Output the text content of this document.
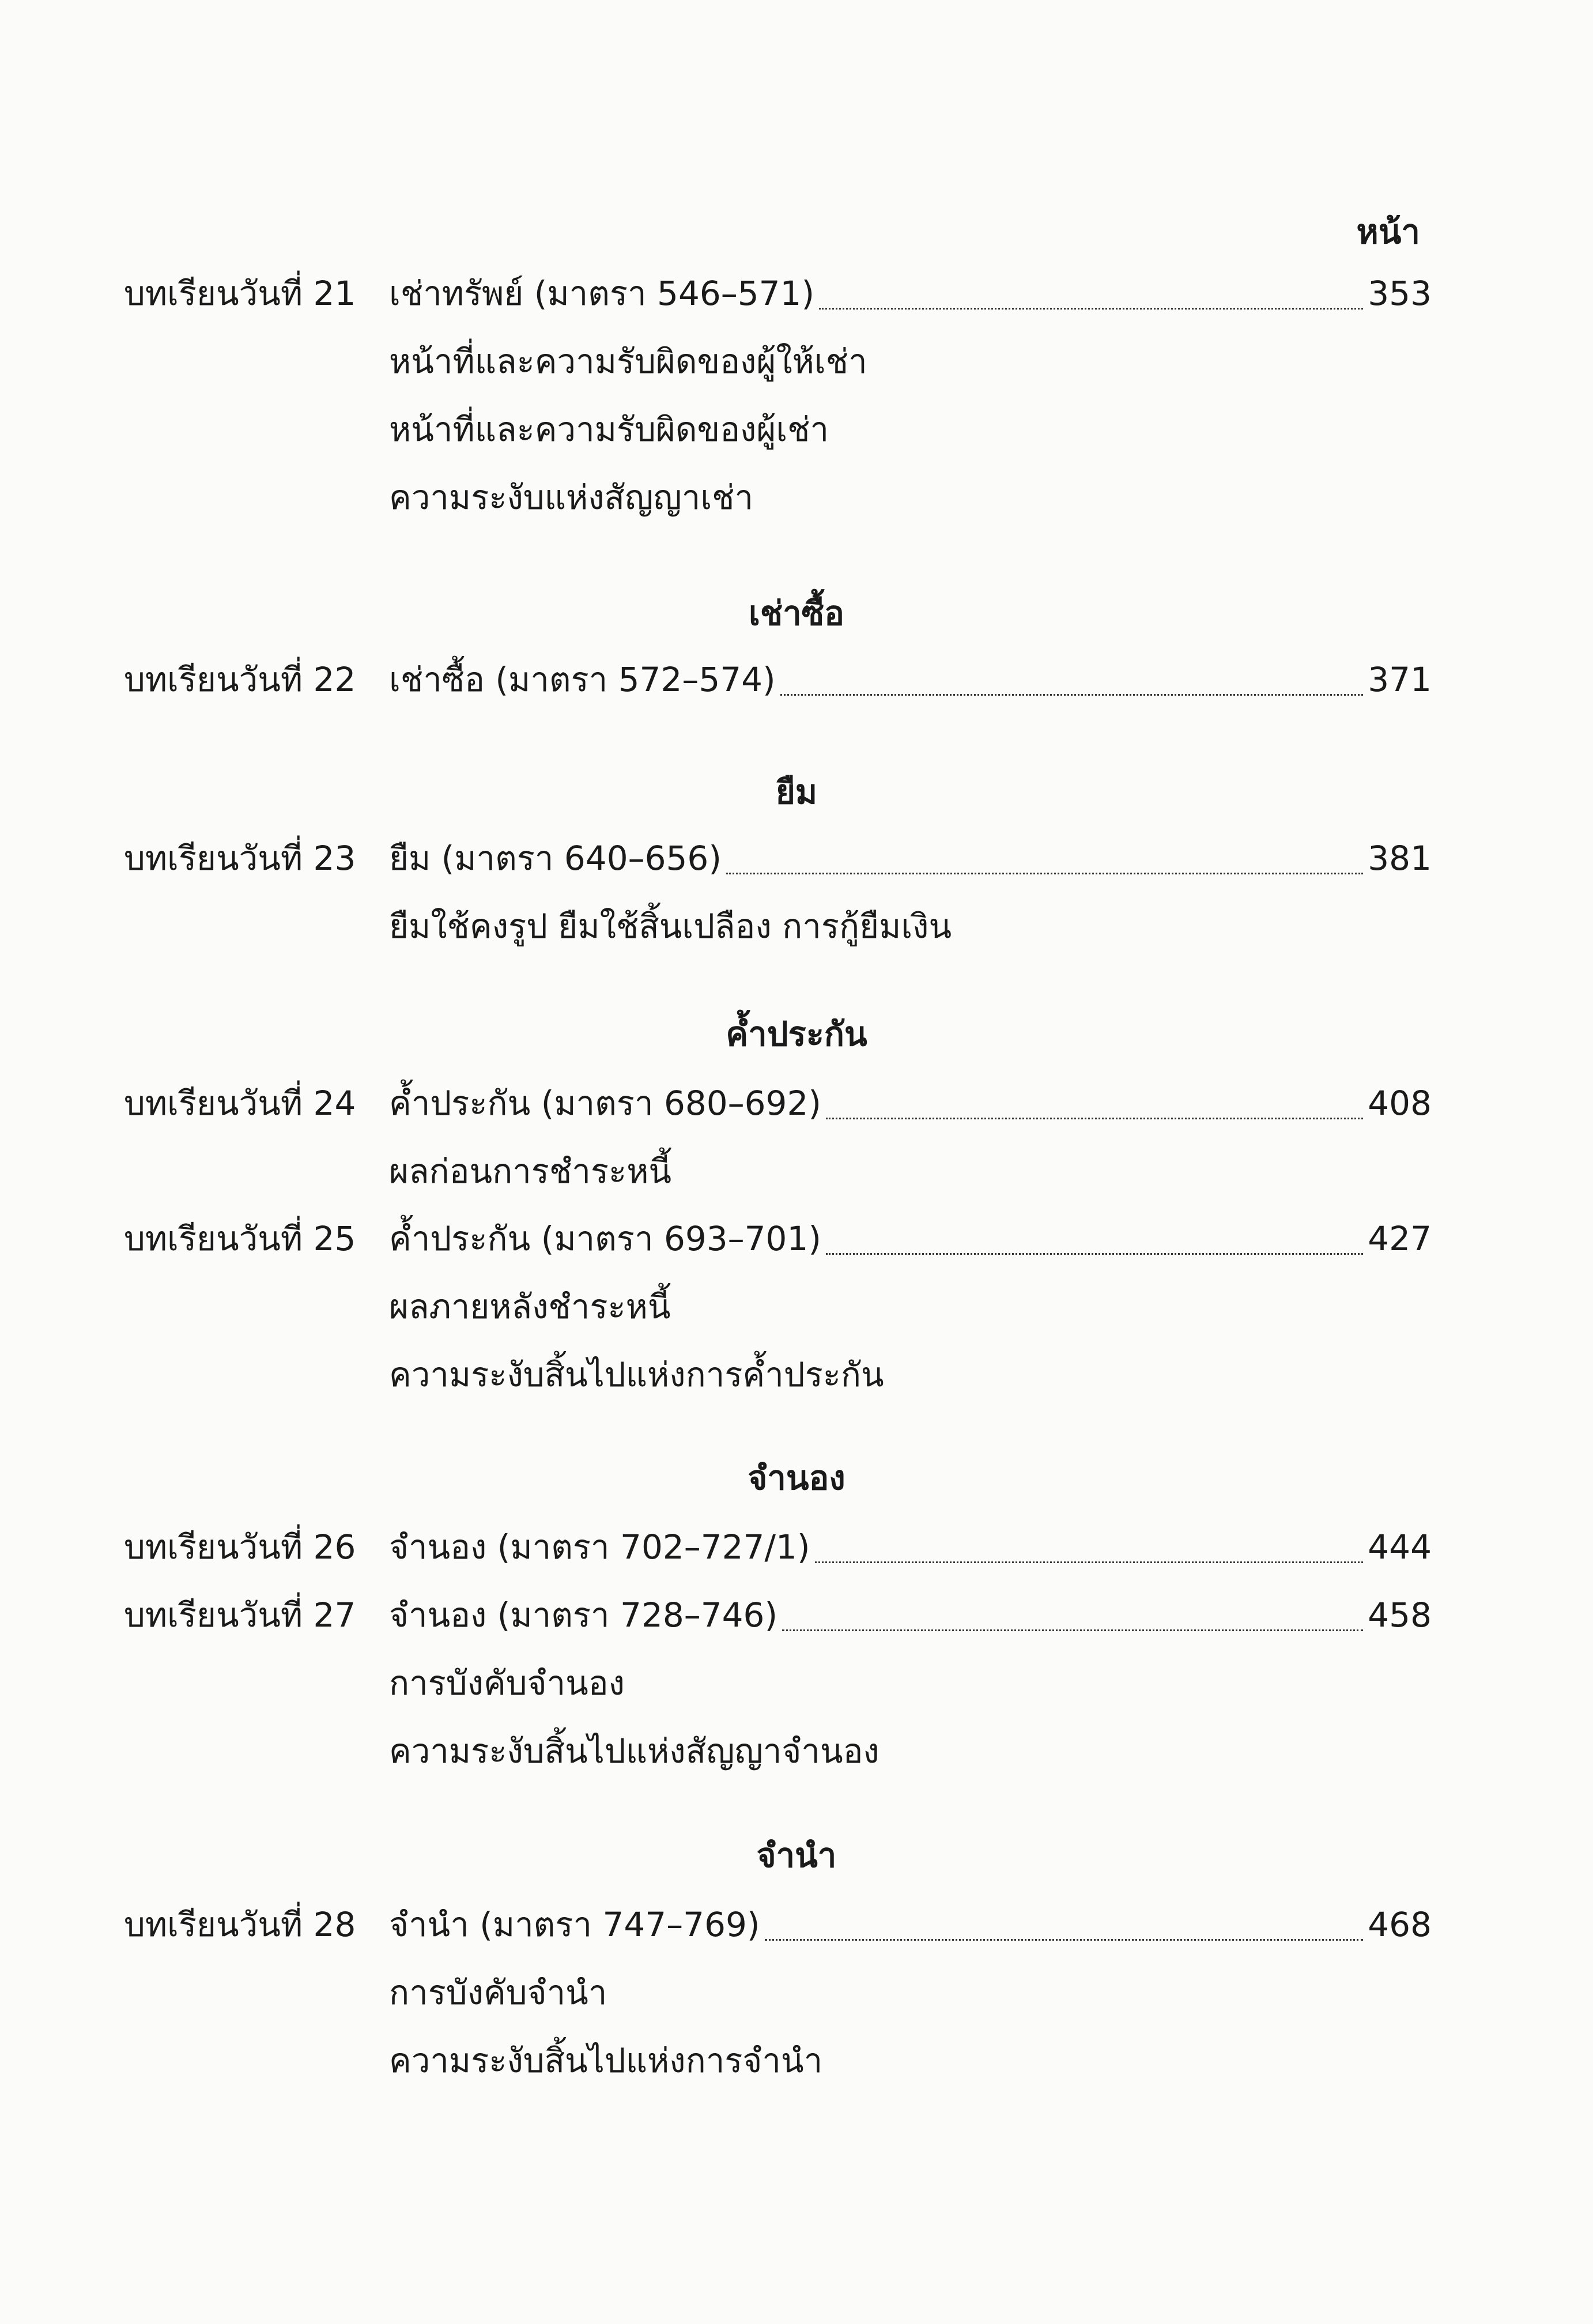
หน้า
บทเรียนวันที่ 21 เช่าทรัพย์ (มาตรา 546–571)	353
หน้าที่และความรับผิดของผู้ให้เช่า
หน้าที่และความรับผิดของผู้เช่า
ความระงับแห่งสัญญาเช่า
เช่าซื้อ
บทเรียนวันที่ 22 เช่าซื้อ (มาตรา 572–574)	371
ยืม
บทเรียนวันที่ 23 ยืม (มาตรา 640–656)	381
ยืมใช้คงรูป ยืมใช้สิ้นเปลือง การกู้ยืมเงิน
ค้ำประกัน
บทเรียนวันที่ 24 ค้ำประกัน (มาตรา 680–692)	408
ผลก่อนการชำระหนี้
บทเรียนวันที่ 25 ค้ำประกัน (มาตรา 693–701)	427
ผลภายหลังชำระหนี้
ความระงับสิ้นไปแห่งการค้ำประกัน
จำนอง
บทเรียนวันที่ 26 จำนอง (มาตรา 702–727/1)	444
บทเรียนวันที่ 27 จำนอง (มาตรา 728–746)	458
การบังคับจำนอง
ความระงับสิ้นไปแห่งสัญญาจำนอง
จำนำ
บทเรียนวันที่ 28 จำนำ (มาตรา 747–769)	468
การบังคับจำนำ
ความระงับสิ้นไปแห่งการจำนำ
